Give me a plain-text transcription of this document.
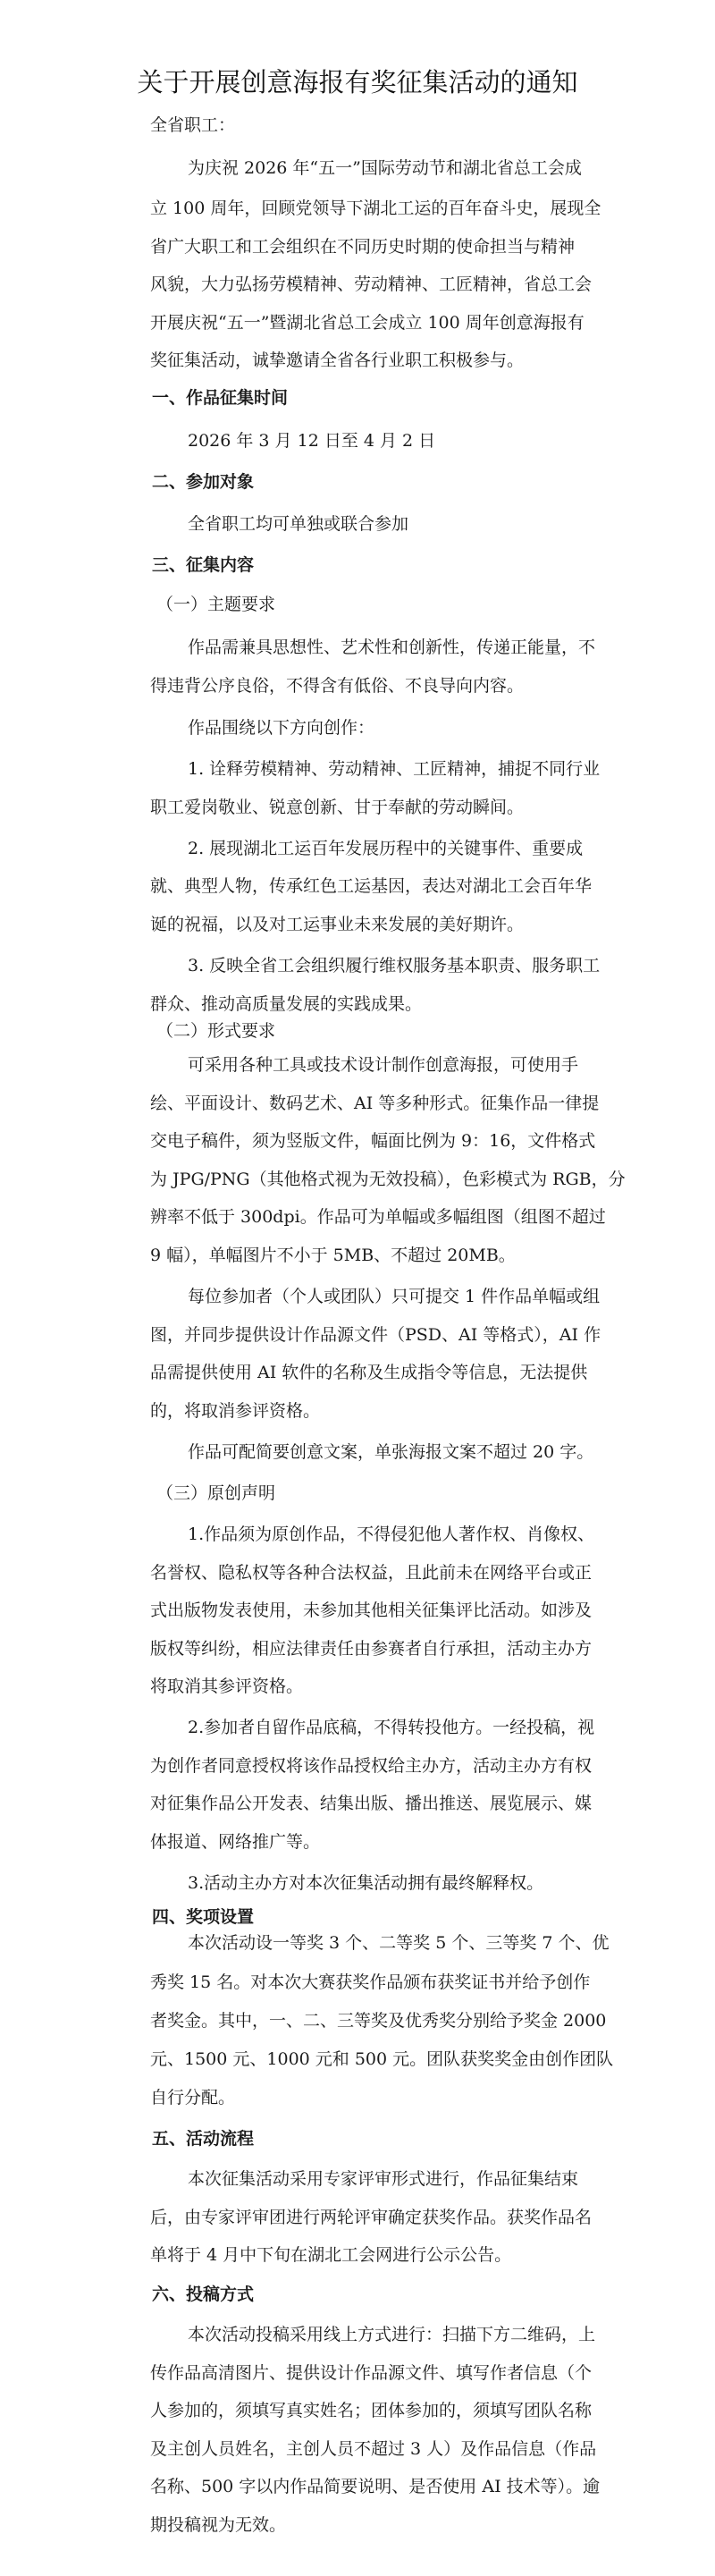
关于开展创意海报有奖征集活动的通知
全省职工：
为庆祝 2026 年“五一”国际劳动节和湖北省总工会成
立 100 周年，回顾党领导下湖北工运的百年奋斗史，展现全
省广大职工和工会组织在不同历史时期的使命担当与精神
风貌，大力弘扬劳模精神、劳动精神、工匠精神，省总工会
开展庆祝“五一”暨湖北省总工会成立 100 周年创意海报有
奖征集活动，诚挚邀请全省各行业职工积极参与。
一、作品征集时间
2026 年 3 月 12 日至 4 月 2 日
二、参加对象
全省职工均可单独或联合参加
三、征集内容
（一）主题要求
作品需兼具思想性、艺术性和创新性，传递正能量，不
得违背公序良俗，不得含有低俗、不良导向内容。
作品围绕以下方向创作：
1. 诠释劳模精神、劳动精神、工匠精神，捕捉不同行业
职工爱岗敬业、锐意创新、甘于奉献的劳动瞬间。
2. 展现湖北工运百年发展历程中的关键事件、重要成
就、典型人物，传承红色工运基因，表达对湖北工会百年华
诞的祝福，以及对工运事业未来发展的美好期许。
3. 反映全省工会组织履行维权服务基本职责、服务职工
群众、推动高质量发展的实践成果。
（二）形式要求
可采用各种工具或技术设计制作创意海报，可使用手
绘、平面设计、数码艺术、AI 等多种形式。征集作品一律提
交电子稿件，须为竖版文件，幅面比例为 9：16，文件格式
为 JPG/PNG（其他格式视为无效投稿），色彩模式为 RGB，分
辨率不低于 300dpi。作品可为单幅或多幅组图（组图不超过
9 幅），单幅图片不小于 5MB、不超过 20MB。
每位参加者（个人或团队）只可提交 1 件作品单幅或组
图，并同步提供设计作品源文件（PSD、AI 等格式），AI 作
品需提供使用 AI 软件的名称及生成指令等信息，无法提供
的，将取消参评资格。
作品可配简要创意文案，单张海报文案不超过 20 字。
（三）原创声明
1.作品须为原创作品，不得侵犯他人著作权、肖像权、
名誉权、隐私权等各种合法权益，且此前未在网络平台或正
式出版物发表使用，未参加其他相关征集评比活动。如涉及
版权等纠纷，相应法律责任由参赛者自行承担，活动主办方
将取消其参评资格。
2.参加者自留作品底稿，不得转投他方。一经投稿，视
为创作者同意授权将该作品授权给主办方，活动主办方有权
对征集作品公开发表、结集出版、播出推送、展览展示、媒
体报道、网络推广等。
3.活动主办方对本次征集活动拥有最终解释权。
四、奖项设置
本次活动设一等奖 3 个、二等奖 5 个、三等奖 7 个、优
秀奖 15 名。对本次大赛获奖作品颁布获奖证书并给予创作
者奖金。其中，一、二、三等奖及优秀奖分别给予奖金 2000
元、1500 元、1000 元和 500 元。团队获奖奖金由创作团队
自行分配。
五、活动流程
本次征集活动采用专家评审形式进行，作品征集结束
后，由专家评审团进行两轮评审确定获奖作品。获奖作品名
单将于 4 月中下旬在湖北工会网进行公示公告。
六、投稿方式
本次活动投稿采用线上方式进行：扫描下方二维码，上
传作品高清图片、提供设计作品源文件、填写作者信息（个
人参加的，须填写真实姓名；团体参加的，须填写团队名称
及主创人员姓名，主创人员不超过 3 人）及作品信息（作品
名称、500 字以内作品简要说明、是否使用 AI 技术等）。逾
期投稿视为无效。
